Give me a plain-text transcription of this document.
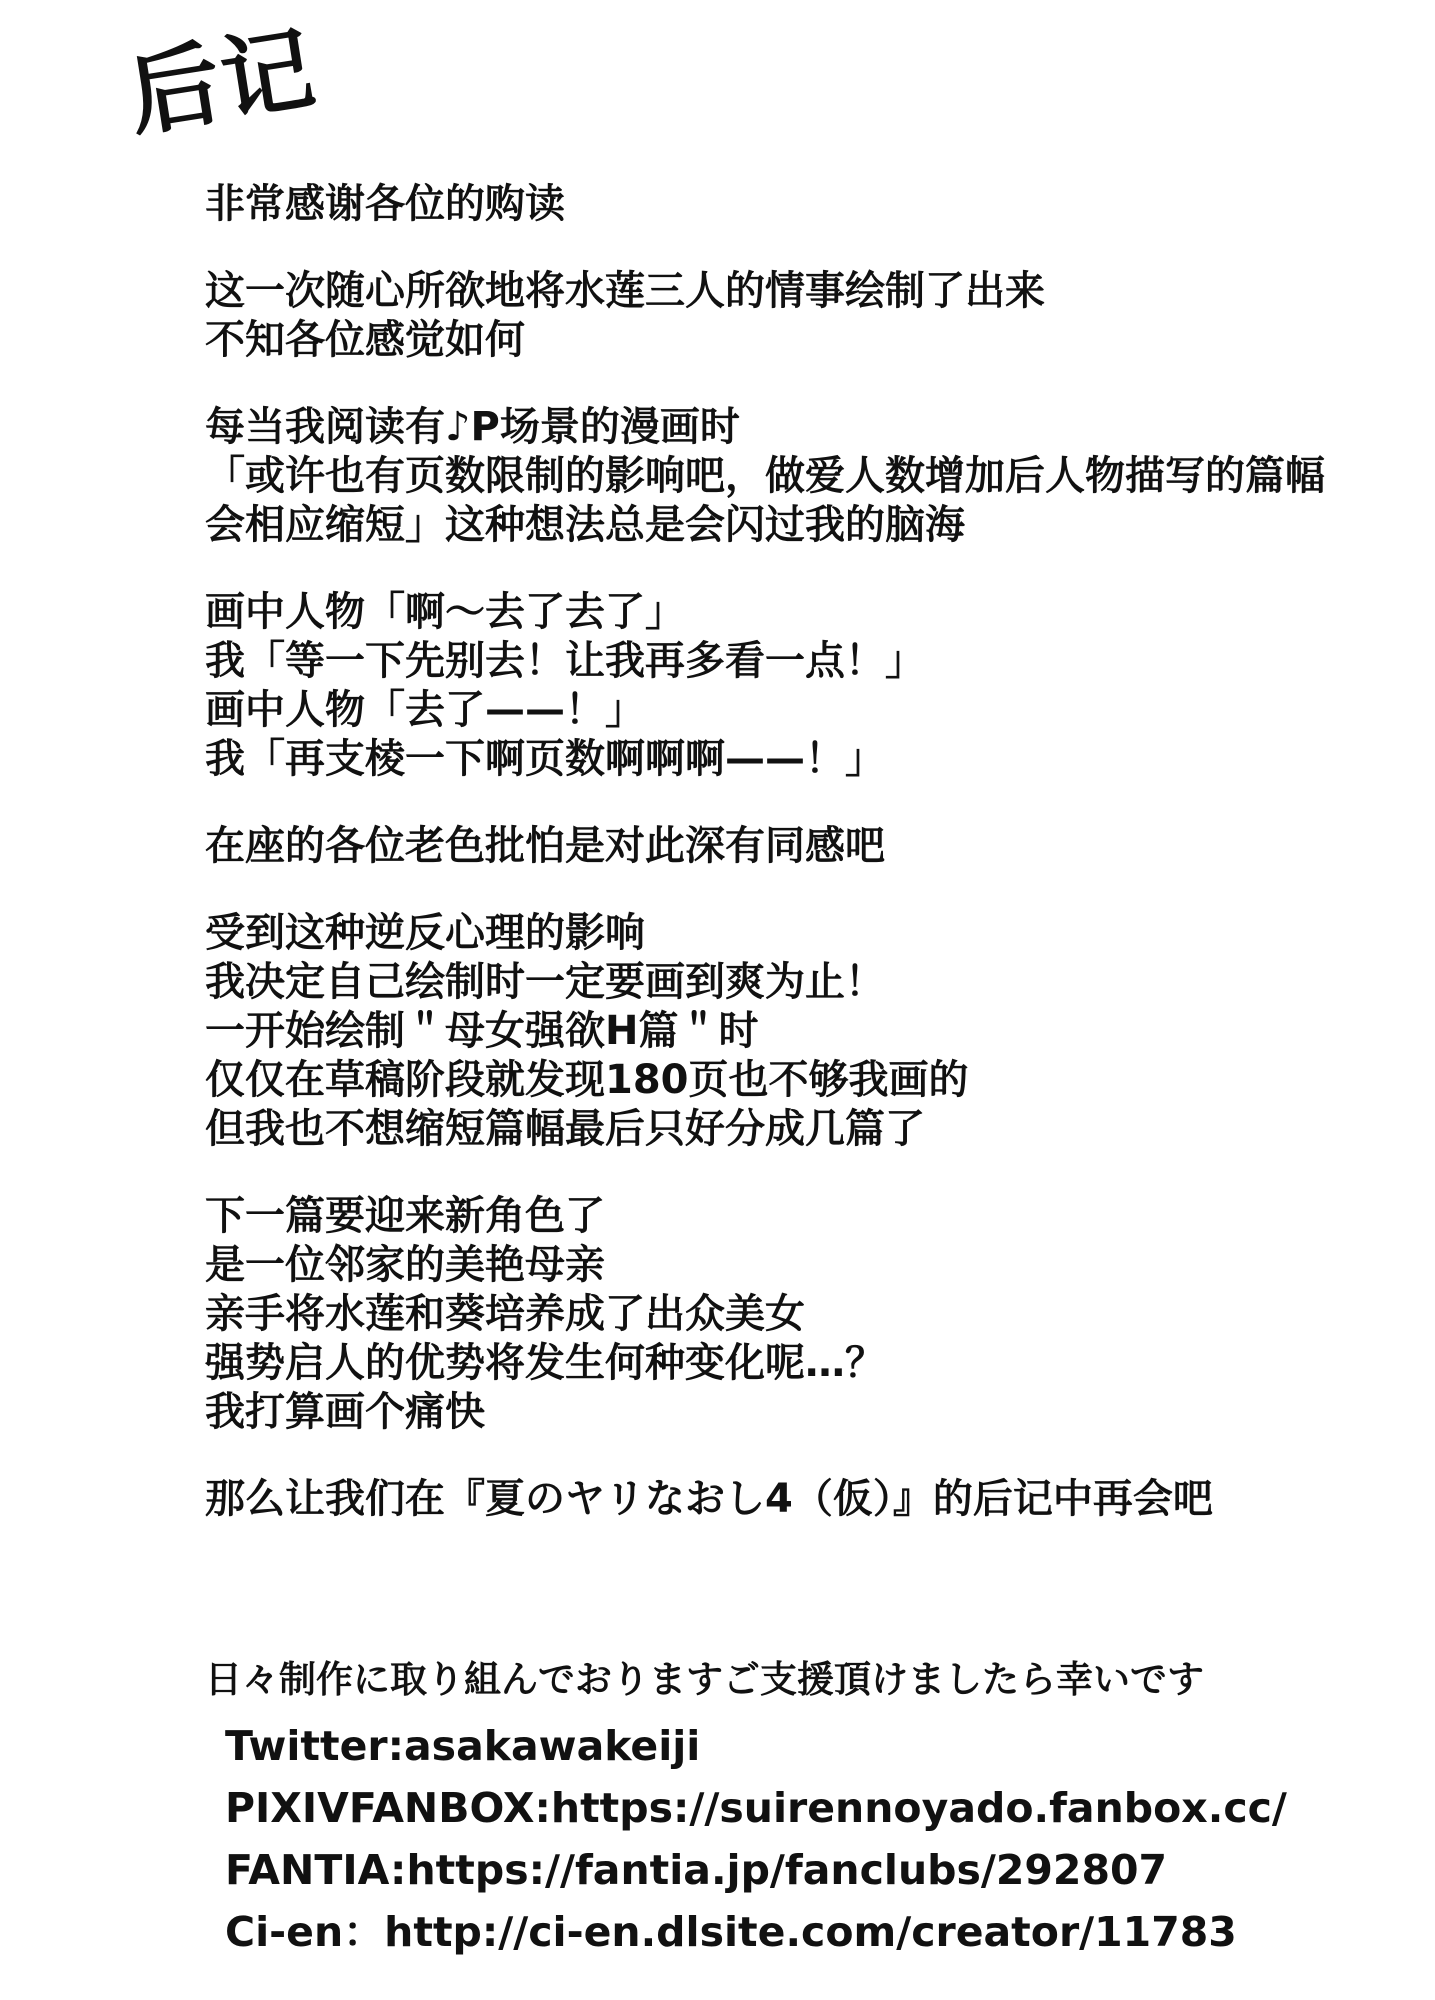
后记

非常感谢各位的购读

这一次随心所欲地将水莲三人的情事绘制了出来
不知各位感觉如何

每当我阅读有♪P场景的漫画时
「或许也有页数限制的影响吧，做爱人数增加后人物描写的篇幅
会相应缩短」这种想法总是会闪过我的脑海

画中人物「啊～去了去了」
我「等一下先别去！让我再多看一点！」
画中人物「去了——！」
我「再支棱一下啊页数啊啊啊——！」

在座的各位老色批怕是对此深有同感吧

受到这种逆反心理的影响
我决定自己绘制时一定要画到爽为止！
一开始绘制＂母女强欲H篇＂时
仅仅在草稿阶段就发现180页也不够我画的
但我也不想缩短篇幅最后只好分成几篇了

下一篇要迎来新角色了
是一位邻家的美艳母亲
亲手将水莲和葵培养成了出众美女
强势启人的优势将发生何种变化呢…？
我打算画个痛快

那么让我们在『夏のヤリなおし4（仮）』的后记中再会吧

日々制作に取り組んでおりますご支援頂けましたら幸いです
Twitter:asakawakeiji
PIXIVFANBOX:https://suirennoyado.fanbox.cc/
FANTIA:https://fantia.jp/fanclubs/292807
Ci-en：http://ci-en.dlsite.com/creator/11783
